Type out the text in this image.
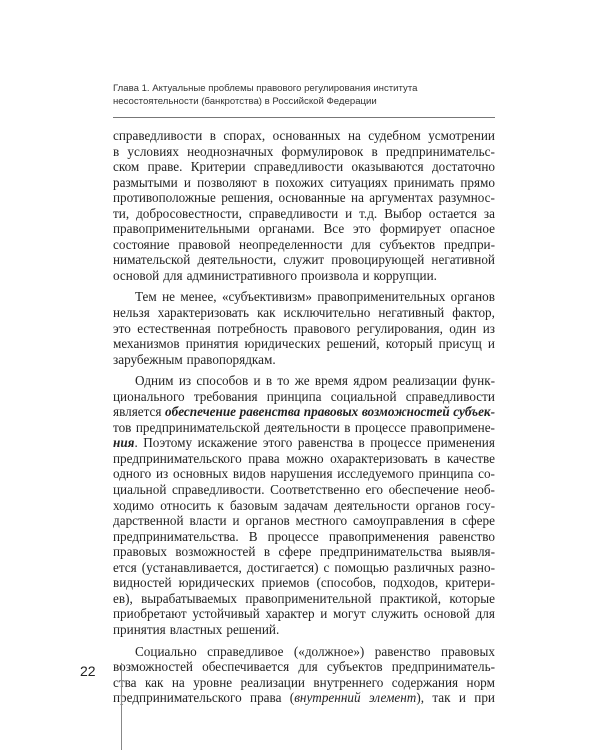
Глава 1. Актуальные проблемы правового регулирования института
несостоятельности (банкротства) в Российской Федерации
справедливости в спорах, основанных на судебном усмотрении
в условиях неоднозначных формулировок в предпринимательс-
ском праве. Критерии справедливости оказываются достаточно
размытыми и позволяют в похожих ситуациях принимать прямо
противоположные решения, основанные на аргументах разумнос-
ти, добросовестности, справедливости и т.д. Выбор остается за
правоприменительными органами. Все это формирует опасное
состояние правовой неопределенности для субъектов предпри-
нимательской деятельности, служит провоцирующей негативной
основой для административного произвола и коррупции.
Тем не менее, «субъективизм» правоприменительных органов
нельзя характеризовать как исключительно негативный фактор,
это естественная потребность правового регулирования, один из
механизмов принятия юридических решений, который присущ и
зарубежным правопорядкам.
Одним из способов и в то же время ядром реализации функ-
ционального требования принципа социальной справедливости
является обеспечение равенства правовых возможностей субъек-
тов предпринимательской деятельности в процессе правопримене-
ния. Поэтому искажение этого равенства в процессе применения
предпринимательского права можно охарактеризовать в качестве
одного из основных видов нарушения исследуемого принципа со-
циальной справедливости. Соответственно его обеспечение необ-
ходимо относить к базовым задачам деятельности органов госу-
дарственной власти и органов местного самоуправления в сфере
предпринимательства. В процессе правоприменения равенство
правовых возможностей в сфере предпринимательства выявля-
ется (устанавливается, достигается) с помощью различных разно-
видностей юридических приемов (способов, подходов, критери-
ев), вырабатываемых правоприменительной практикой, которые
приобретают устойчивый характер и могут служить основой для
принятия властных решений.
Социально справедливое («должное») равенство правовых
возможностей обеспечивается для субъектов предприниматель-
ства как на уровне реализации внутреннего содержания норм
предпринимательского права (внутренний элемент), так и при
22
